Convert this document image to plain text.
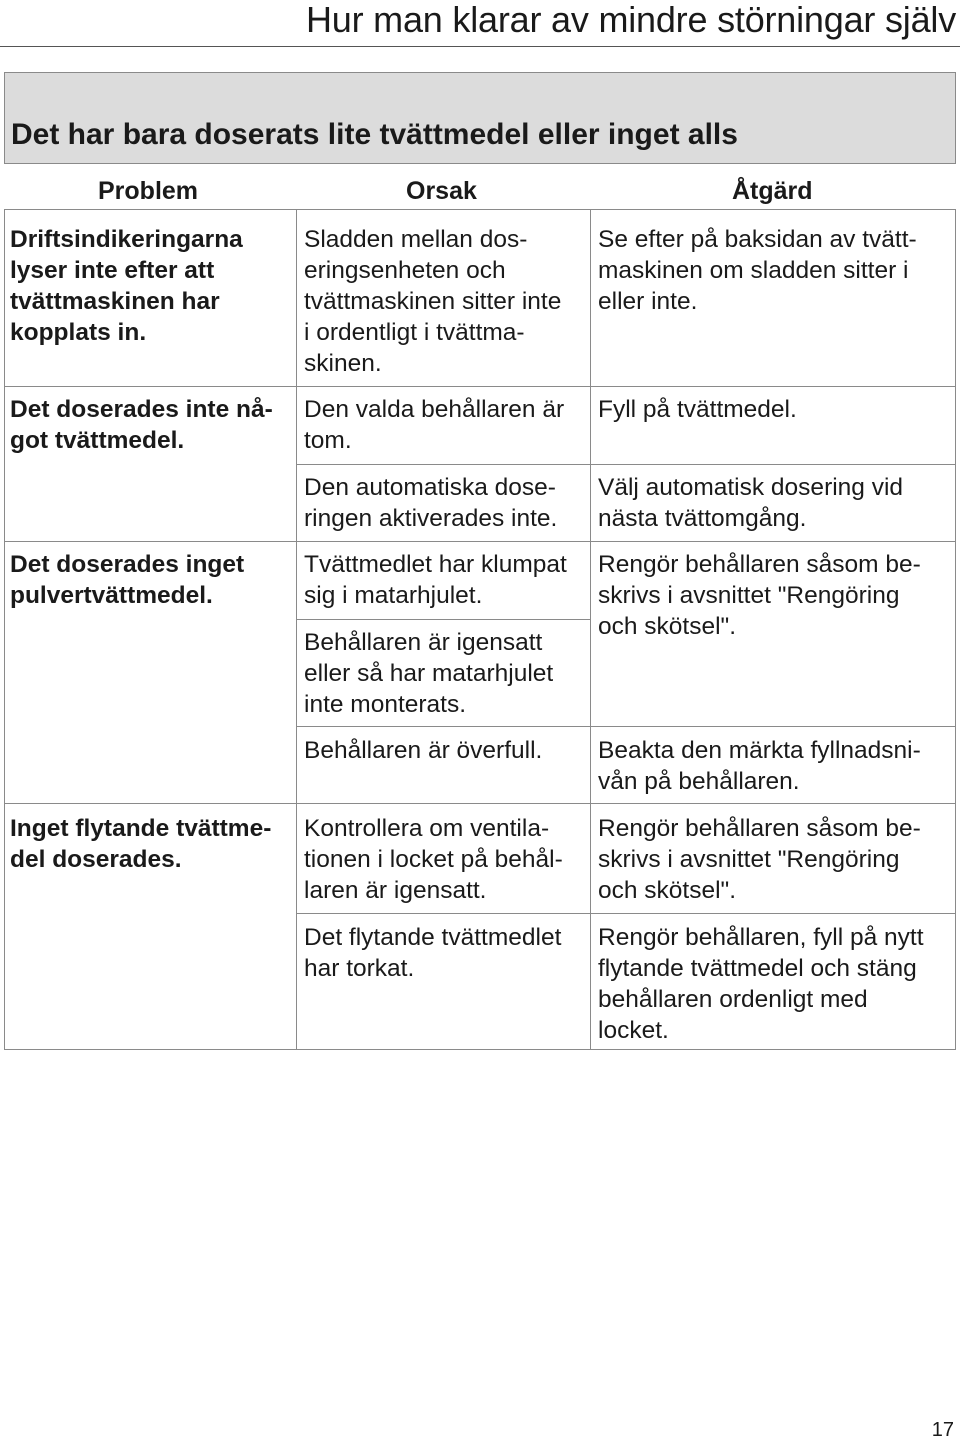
Hur man klarar av mindre störningar själv
Det har bara doserats lite tvättmedel eller inget alls
Problem	Orsak	Åtgärd
Driftsindikeringarna
lyser inte efter att
tvättmaskinen har
kopplats in.
Sladden mellan dos-
eringsenheten och
tvättmaskinen sitter inte
i ordentligt i tvättma-
skinen.
Se efter på baksidan av tvätt-
maskinen om sladden sitter i
eller inte.
Det doserades inte nå-
got tvättmedel.
Den valda behållaren är
tom.
Fyll på tvättmedel.
Den automatiska dose-
ringen aktiverades inte.
Välj automatisk dosering vid
nästa tvättomgång.
Det doserades inget
pulvertvättmedel.
Tvättmedlet har klumpat
sig i matarhjulet.
Rengör behållaren såsom be-
skrivs i avsnittet "Rengöring
och skötsel".
Behållaren är igensatt
eller så har matarhjulet
inte monterats.
Behållaren är överfull. Beakta den märkta fyllnadsni-
vån på behållaren.
Inget flytande tvättme-
del doserades.
Kontrollera om ventila-
tionen i locket på behål-
laren är igensatt.
Rengör behållaren såsom be-
skrivs i avsnittet "Rengöring
och skötsel".
Det flytande tvättmedlet
har torkat.
Rengör behållaren, fyll på nytt
flytande tvättmedel och stäng
behållaren ordenligt med
locket.
17
